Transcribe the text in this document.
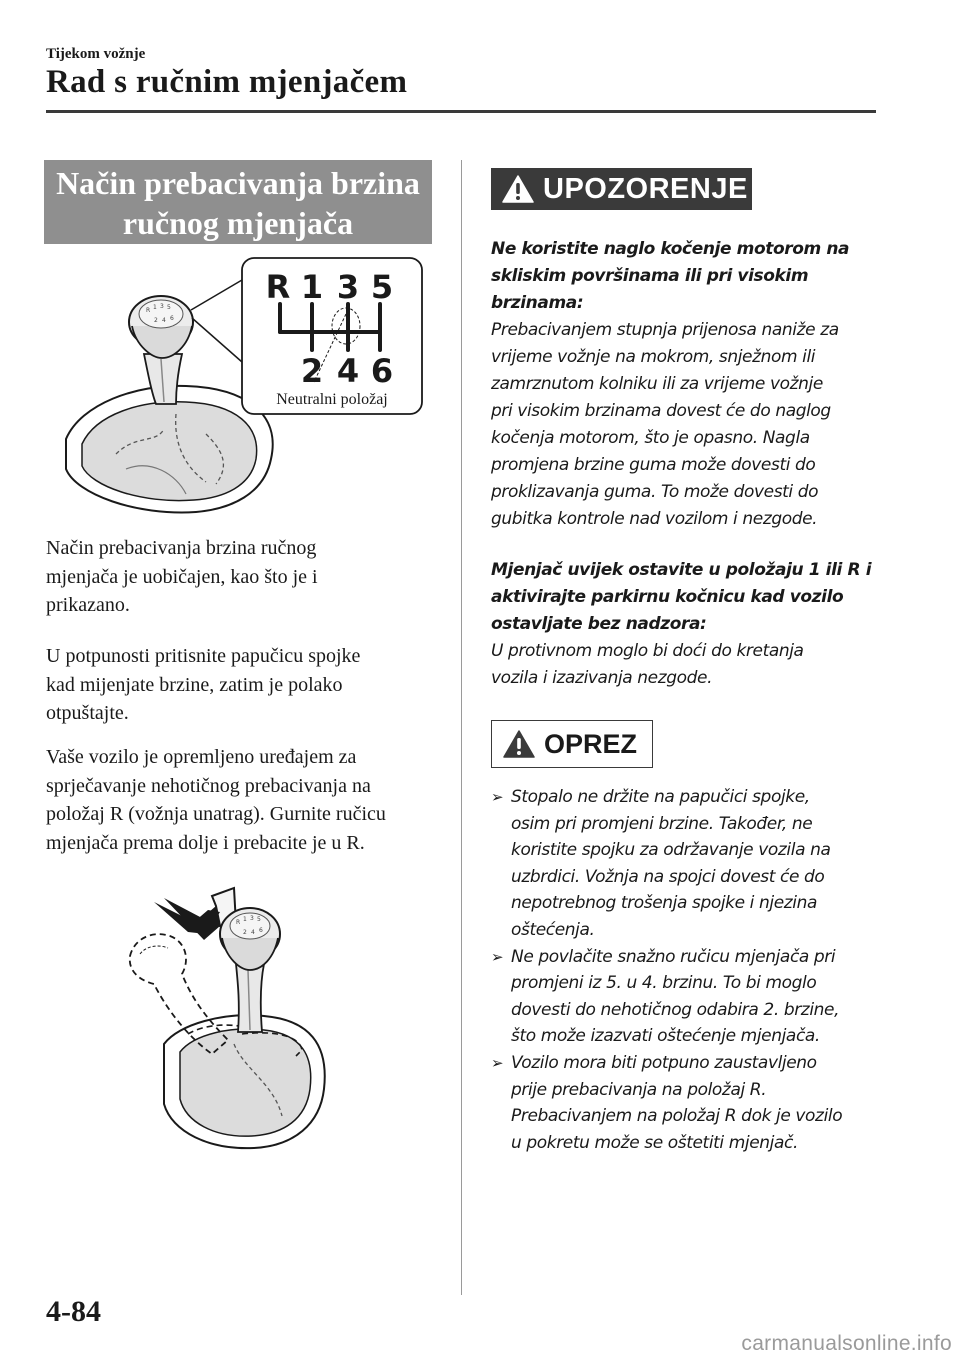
Tijekom vožnje
Rad s ručnim mjenjačem
Način prebacivanja brzina
ručnog mjenjača
R 1 3 5
2 4 6
R 1 3 5
2 4 6
Neutralni položaj
Način prebacivanja brzina ručnog
mjenjača je uobičajen, kao što je i
prikazano.
U potpunosti pritisnite papučicu spojke
kad mijenjate brzine, zatim je polako
otpuštajte.
Vaše vozilo je opremljeno uređajem za
sprječavanje nehotičnog prebacivanja na
položaj R (vožnja unatrag). Gurnite ručicu
mjenjača prema dolje i prebacite je u R.
R 1 3 5
2 4 6
UPOZORENJE
Ne koristite naglo kočenje motorom na
skliskim površinama ili pri visokim
brzinama:
Prebacivanjem stupnja prijenosa naniže za
vrijeme vožnje na mokrom, snježnom ili
zamrznutom kolniku ili za vrijeme vožnje
pri visokim brzinama dovest će do naglog
kočenja motorom, što je opasno. Nagla
promjena brzine guma može dovesti do
proklizavanja guma. To može dovesti do
gubitka kontrole nad vozilom i nezgode.
Mjenjač uvijek ostavite u položaju 1 ili R i
aktivirajte parkirnu kočnicu kad vozilo
ostavljate bez nadzora:
U protivnom moglo bi doći do kretanja
vozila i izazivanja nezgode.
OPREZ
➢ Stopalo ne držite na papučici spojke,
osim pri promjeni brzine. Također, ne
koristite spojku za održavanje vozila na
uzbrdici. Vožnja na spojci dovest će do
nepotrebnog trošenja spojke i njezina
oštećenja.
➢ Ne povlačite snažno ručicu mjenjača pri
promjeni iz 5. u 4. brzinu. To bi moglo
dovesti do nehotičnog odabira 2. brzine,
što može izazvati oštećenje mjenjača.
➢ Vozilo mora biti potpuno zaustavljeno
prije prebacivanja na položaj R.
Prebacivanjem na položaj R dok je vozilo
u pokretu može se oštetiti mjenjač.
4-84
carmanualsonline.info
